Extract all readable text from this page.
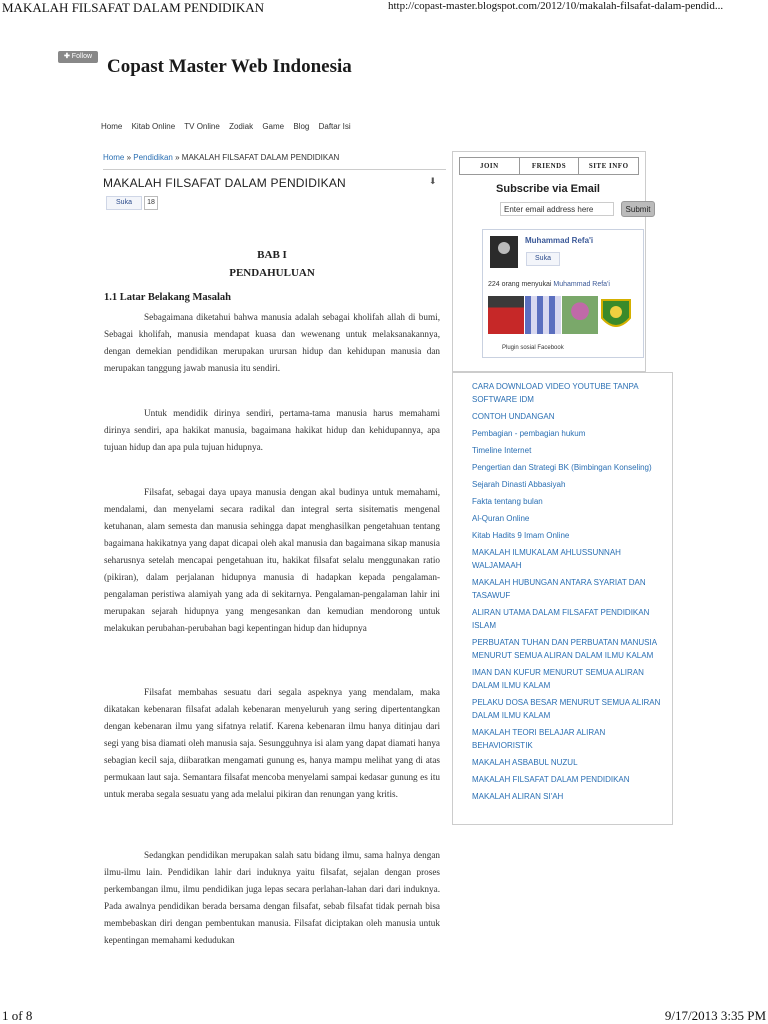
MAKALAH FILSAFAT DALAM PENDIDIKAN	http://copast-master.blogspot.com/2012/10/makalah-filsafat-dalam-pendid...
1 of 8	9/17/2013 3:35 PM
✚ Follow Copast Master Web Indonesia
Home Kitab Online TV Online Zodiak Game Blog Daftar Isi
Home » Pendidikan » MAKALAH FILSAFAT DALAM PENDIDIKAN
MAKALAH FILSAFAT DALAM PENDIDIKAN	⬇
Suka	18
BAB I
PENDAHULUAN
1.1 Latar Belakang Masalah

Sebagaimana diketahui bahwa manusia adalah sebagai kholifah allah di bumi, Sebagai kholifah, manusia mendapat kuasa dan wewenang untuk melaksanakannya, dengan demekian pendidikan merupakan urursan hidup dan kehidupan manusia dan merupakan tanggung jawab manusia itu sendiri.

Untuk mendidik dirinya sendiri, pertama-tama manusia harus memahami dirinya sendiri, apa hakikat manusia, bagaimana hakikat hidup dan kehidupannya, apa tujuan hidup dan apa pula tujuan hidupnya.

Filsafat, sebagai daya upaya manusia dengan akal budinya untuk memahami, mendalami, dan menyelami secara radikal dan integral serta sisitematis mengenal ketuhanan, alam semesta dan manusia sehingga dapat menghasilkan pengetahuan tentang bagaimana hakikatnya yang dapat dicapai oleh akal manusia dan bagaimana sikap manusia seharusnya setelah mencapai pengetahuan itu, hakikat filsafat selalu menggunakan ratio (pikiran), dalam perjalanan hidupnya manusia di hadapkan kepada pengalaman-pengalaman peristiwa alamiyah yang ada di sekitarnya. Pengalaman-pengalaman lahir ini merupakan sejarah hidupnya yang mengesankan dan kemudian mendorong untuk melakukan perubahan-perubahan bagi kepentingan hidup dan hidupnya

Filsafat membahas sesuatu dari segala aspeknya yang mendalam, maka dikatakan kebenaran filsafat adalah kebenaran menyeluruh yang sering dipertentangkan dengan kebenaran ilmu yang sifatnya relatif. Karena kebenaran ilmu hanya ditinjau dari segi yang bisa diamati oleh manusia saja. Sesungguhnya isi alam yang dapat diamati hanya sebagian kecil saja, diibaratkan mengamati gunung es, hanya mampu melihat yang di atas permukaan laut saja. Semantara filsafat mencoba menyelami sampai kedasar gunung es itu untuk meraba segala sesuatu yang ada melalui pikiran dan renungan yang kritis.

Sedangkan pendidikan merupakan salah satu bidang ilmu, sama halnya dengan ilmu-ilmu lain. Pendidikan lahir dari induknya yaitu filsafat, sejalan dengan proses perkembangan ilmu, ilmu pendidikan juga lepas secara perlahan-lahan dari dari induknya. Pada awalnya pendidikan berada bersama dengan filsafat, sebab filsafat tidak pernah bisa membebaskan diri dengan pembentukan manusia. Filsafat diciptakan oleh manusia untuk kepentingan memahami kedudukan

JOIN	FRIENDS	SITE INFO
Subscribe via Email
Enter email address here
Submit
Muhammad Refa'i
Suka
224 orang menyukai Muhammad Refa'i
Plugin sosial Facebook
CARA DOWNLOAD VIDEO YOUTUBE TANPA SOFTWARE IDM
CONTOH UNDANGAN
Pembagian - pembagian hukum
Timeline Internet
Pengertian dan Strategi BK (Bimbingan Konseling)
Sejarah Dinasti Abbasiyah
Fakta tentang bulan
Al-Quran Online
Kitab Hadits 9 Imam Online
MAKALAH ILMUKALAM AHLUSSUNNAH WALJAMAAH
MAKALAH HUBUNGAN ANTARA SYARIAT DAN TASAWUF
ALIRAN UTAMA DALAM FILSAFAT PENDIDIKAN ISLAM
PERBUATAN TUHAN DAN PERBUATAN MANUSIA MENURUT SEMUA ALIRAN DALAM ILMU KALAM
IMAN DAN KUFUR MENURUT SEMUA ALIRAN DALAM ILMU KALAM
PELAKU DOSA BESAR MENURUT SEMUA ALIRAN DALAM ILMU KALAM
MAKALAH TEORI BELAJAR ALIRAN BEHAVIORISTIK
MAKALAH ASBABUL NUZUL
MAKALAH FILSAFAT DALAM PENDIDIKAN
MAKALAH ALIRAN SI'AH
